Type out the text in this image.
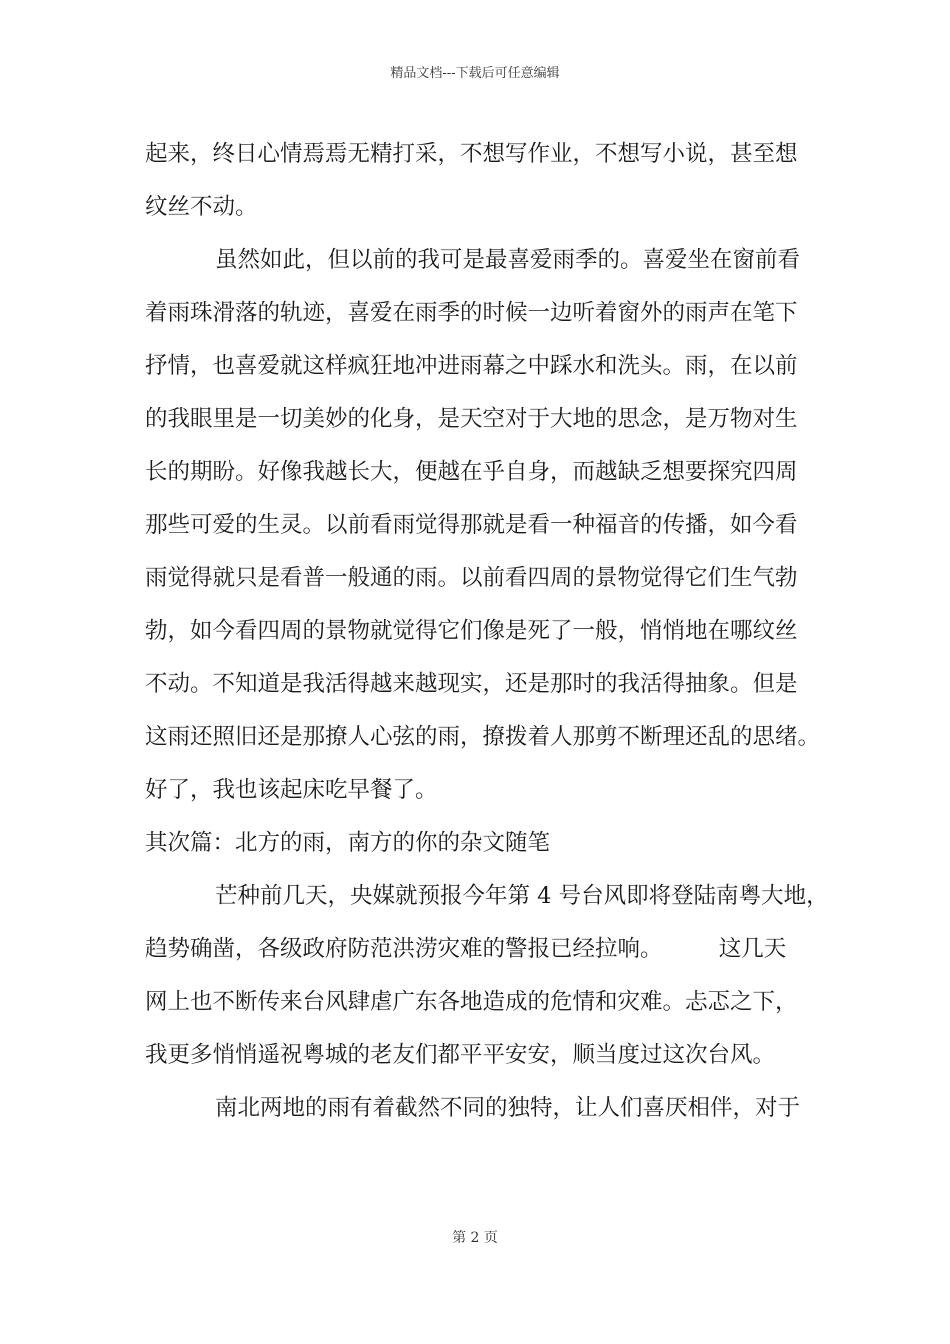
精品文档---下载后可任意编辑
起来，终日心情焉焉无精打采，不想写作业，不想写小说，甚至想
纹丝不动。
虽然如此，但以前的我可是最喜爱雨季的。喜爱坐在窗前看
着雨珠滑落的轨迹，喜爱在雨季的时候一边听着窗外的雨声在笔下
抒情，也喜爱就这样疯狂地冲进雨幕之中踩水和洗头。雨，在以前
的我眼里是一切美妙的化身，是天空对于大地的思念，是万物对生
长的期盼。好像我越长大，便越在乎自身，而越缺乏想要探究四周
那些可爱的生灵。以前看雨觉得那就是看一种福音的传播，如今看
雨觉得就只是看普一般通的雨。以前看四周的景物觉得它们生气勃
勃，如今看四周的景物就觉得它们像是死了一般，悄悄地在哪纹丝
不动。不知道是我活得越来越现实，还是那时的我活得抽象。但是
这雨还照旧还是那撩人心弦的雨，撩拨着人那剪不断理还乱的思绪。
好了，我也该起床吃早餐了。
其次篇：北方的雨，南方的你的杂文随笔
芒种前几天，央媒就预报今年第 4 号台风即将登陆南粤大地，
趋势确凿，各级政府防范洪涝灾难的警报已经拉响。　　　这几天
网上也不断传来台风肆虐广东各地造成的危情和灾难。忐忑之下，
我更多悄悄遥祝粤城的老友们都平平安安，顺当度过这次台风。
南北两地的雨有着截然不同的独特，让人们喜厌相伴，对于
第 2 页
